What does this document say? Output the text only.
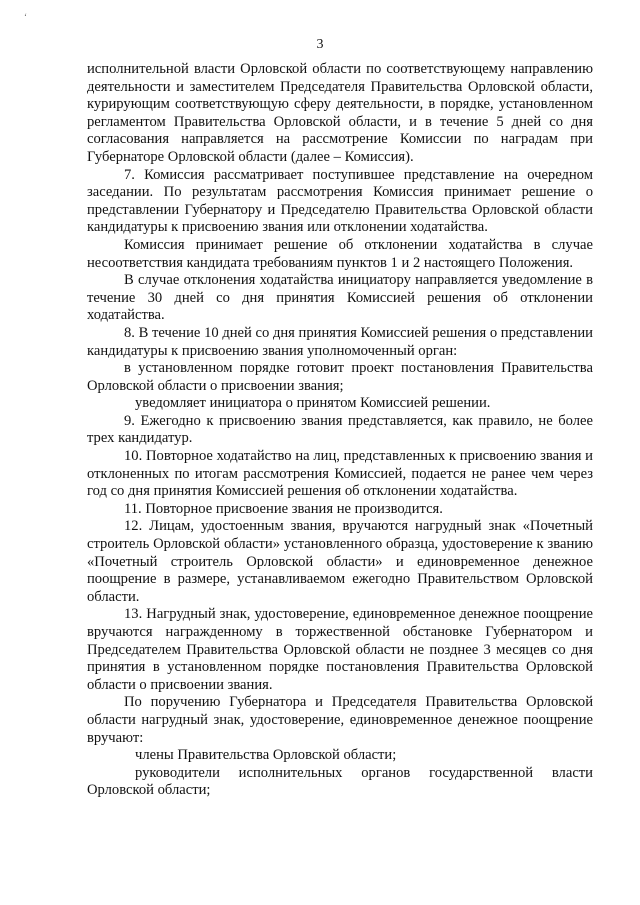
‘
3

исполнительной власти Орловской области по соответствующему направлению деятельности и заместителем Председателя Правительства Орловской области, курирующим соответствующую сферу деятельности, в порядке, установленном регламентом Правительства Орловской области, и в течение 5 дней со дня согласования направляется на рассмотрение Комиссии по наградам при Губернаторе Орловской области (далее – Комиссия).

7. Комиссия рассматривает поступившее представление на очередном заседании. По результатам рассмотрения Комиссия принимает решение о представлении Губернатору и Председателю Правительства Орловской области кандидатуры к присвоению звания или отклонении ходатайства.

Комиссия принимает решение об отклонении ходатайства в случае несоответствия кандидата требованиям пунктов 1 и 2 настоящего Положения.

В случае отклонения ходатайства инициатору направляется уведомление в течение 30 дней со дня принятия Комиссией решения об отклонении ходатайства.

8. В течение 10 дней со дня принятия Комиссией решения о представлении кандидатуры к присвоению звания уполномоченный орган:

в установленном порядке готовит проект постановления Правительства Орловской области о присвоении звания;

уведомляет инициатора о принятом Комиссией решении.

9. Ежегодно к присвоению звания представляется, как правило, не более трех кандидатур.

10. Повторное ходатайство на лиц, представленных к присвоению звания и отклоненных по итогам рассмотрения Комиссией, подается не ранее чем через год со дня принятия Комиссией решения об отклонении ходатайства.

11. Повторное присвоение звания не производится.

12. Лицам, удостоенным звания, вручаются нагрудный знак «Почетный строитель Орловской области» установленного образца, удостоверение к званию «Почетный строитель Орловской области» и единовременное денежное поощрение в размере, устанавливаемом ежегодно Правительством Орловской области.

13. Нагрудный знак, удостоверение, единовременное денежное поощрение вручаются награжденному в торжественной обстановке Губернатором и Председателем Правительства Орловской области не позднее 3 месяцев со дня принятия в установленном порядке постановления Правительства Орловской области о присвоении звания.

По поручению Губернатора и Председателя Правительства Орловской области нагрудный знак, удостоверение, единовременное денежное поощрение вручают:

члены Правительства Орловской области;

руководители исполнительных органов государственной власти Орловской области;
